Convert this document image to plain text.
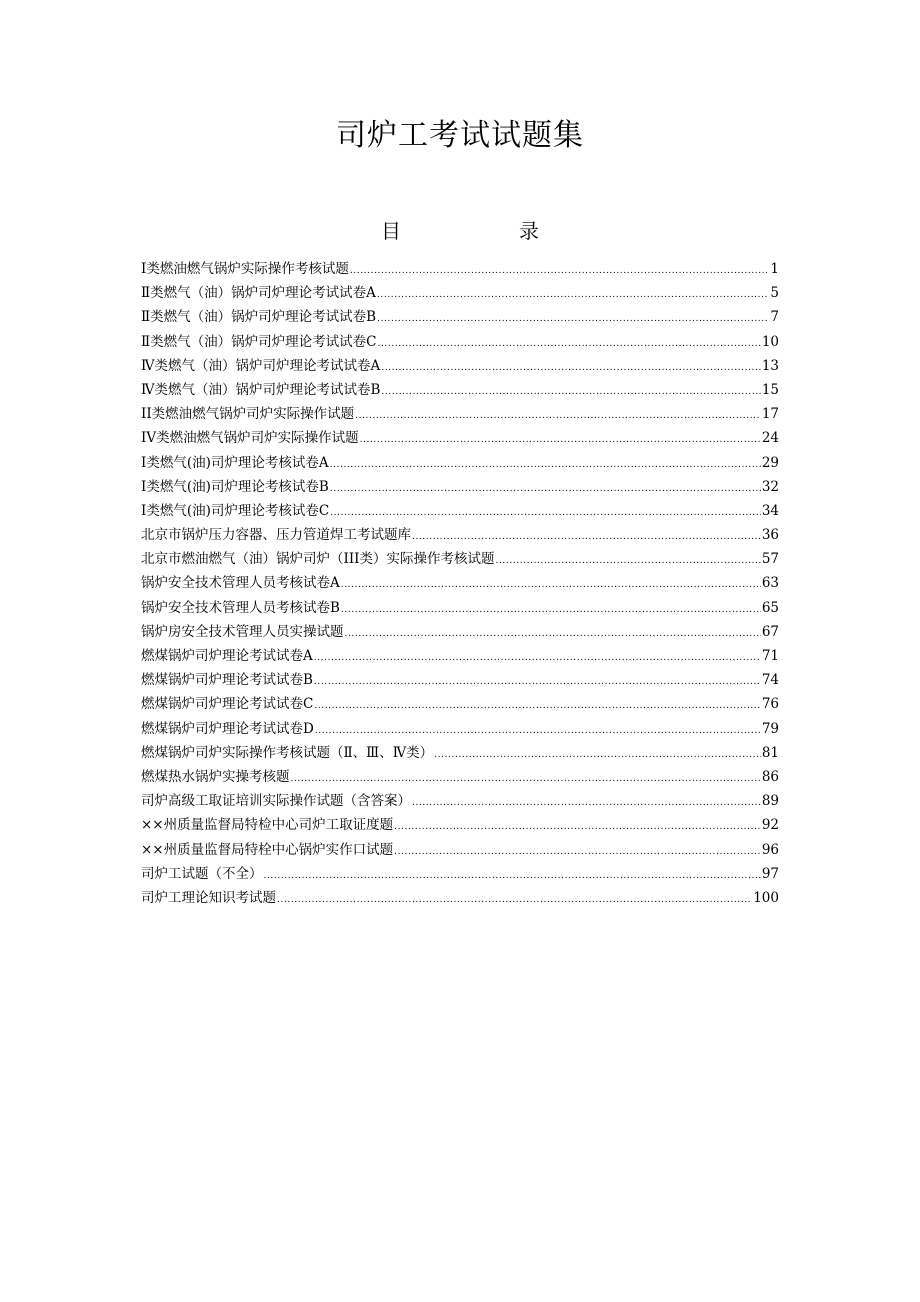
司炉工考试试题集
目	录
Ⅰ类燃油燃气锅炉实际操作考核试题 .....	1
Ⅱ类燃气（油）锅炉司炉理论考试试卷A .....	5
Ⅱ类燃气（油）锅炉司炉理论考试试卷B .....	7
Ⅱ类燃气（油）锅炉司炉理论考试试卷C .....	10
Ⅳ类燃气（油）锅炉司炉理论考试试卷A .....	13
Ⅳ类燃气（油）锅炉司炉理论考试试卷B .....	15
II类燃油燃气锅炉司炉实际操作试题 .....	17
IV类燃油燃气锅炉司炉实际操作试题 .....	24
I类燃气(油)司炉理论考核试卷A .....	29
Ⅰ类燃气(油)司炉理论考核试卷B .....	32
Ⅰ类燃气(油)司炉理论考核试卷C .....	34
北京市锅炉压力容器、压力管道焊工考试题库 .....	36
北京市燃油燃气（油）锅炉司炉（III类）实际操作考核试题 .....	57
锅炉安全技术管理人员考核试卷A .....	63
锅炉安全技术管理人员考核试卷B .....	65
锅炉房安全技术管理人员实操试题 .....	67
燃煤锅炉司炉理论考试试卷A .....	71
燃煤锅炉司炉理论考试试卷B .....	74
燃煤锅炉司炉理论考试试卷C .....	76
燃煤锅炉司炉理论考试试卷D .....	79
燃煤锅炉司炉实际操作考核试题（Ⅱ、Ⅲ、Ⅳ类） .....	81
燃煤热水锅炉实操考核题 .....	86
司炉高级工取证培训实际操作试题（含答案） .....	89
××州质量监督局特检中心司炉工取证度题 .....	92
××州质量监督局特栓中心锅炉实作口试题 .....	96
司炉工试题（不全） .....	97
司炉工理论知识考试题 .....	100
